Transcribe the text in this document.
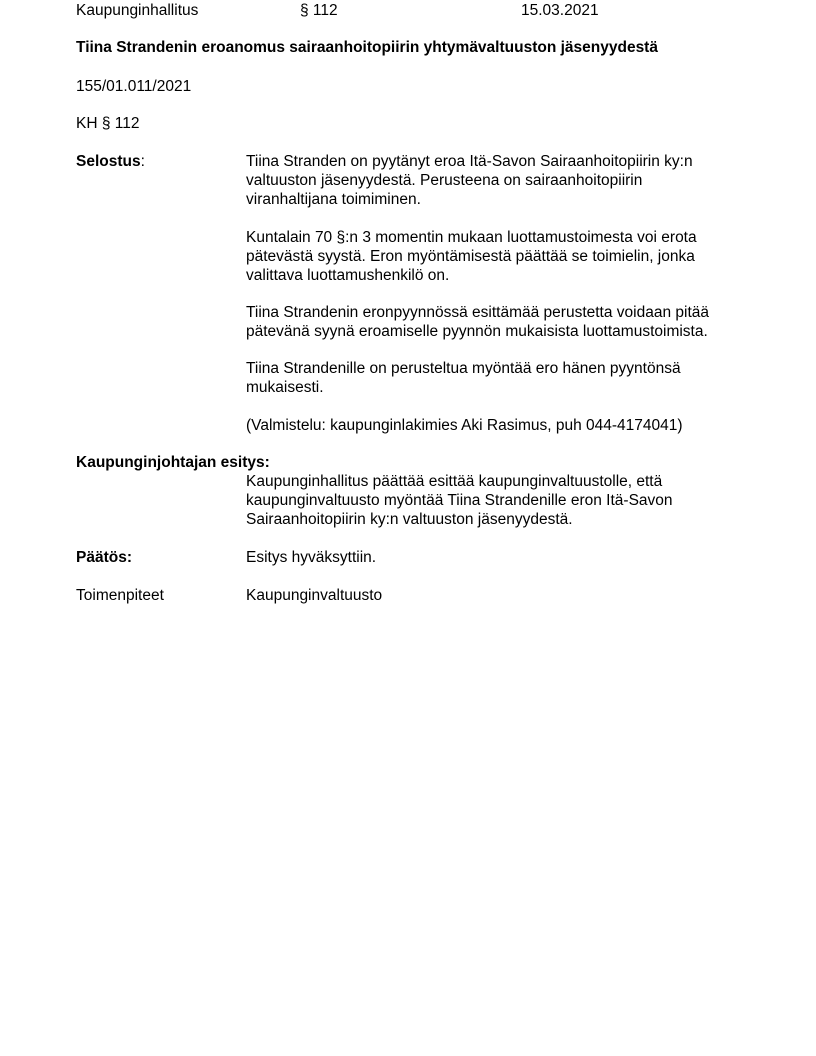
Kaupunginhallitus	§ 112	15.03.2021
Tiina Strandenin eroanomus sairaanhoitopiirin yhtymävaltuuston jäsenyydestä
155/01.011/2021
KH § 112
Selostus:	Tiina Stranden on pyytänyt eroa Itä-Savon Sairaanhoitopiirin ky:n
valtuuston jäsenyydestä. Perusteena on sairaanhoitopiirin
viranhaltijana toimiminen.
Kuntalain 70 §:n 3 momentin mukaan luottamustoimesta voi erota
pätevästä syystä. Eron myöntämisestä päättää se toimielin, jonka
valittava luottamushenkilö on.
Tiina Strandenin eronpyynnössä esittämää perustetta voidaan pitää
pätevänä syynä eroamiselle pyynnön mukaisista luottamustoimista.
Tiina Strandenille on perusteltua myöntää ero hänen pyyntönsä
mukaisesti.
(Valmistelu: kaupunginlakimies Aki Rasimus, puh 044-4174041)
Kaupunginjohtajan esitys:
Kaupunginhallitus päättää esittää kaupunginvaltuustolle, että
kaupunginvaltuusto myöntää Tiina Strandenille eron Itä-Savon
Sairaanhoitopiirin ky:n valtuuston jäsenyydestä.
Päätös:	Esitys hyväksyttiin.
Toimenpiteet	Kaupunginvaltuusto
